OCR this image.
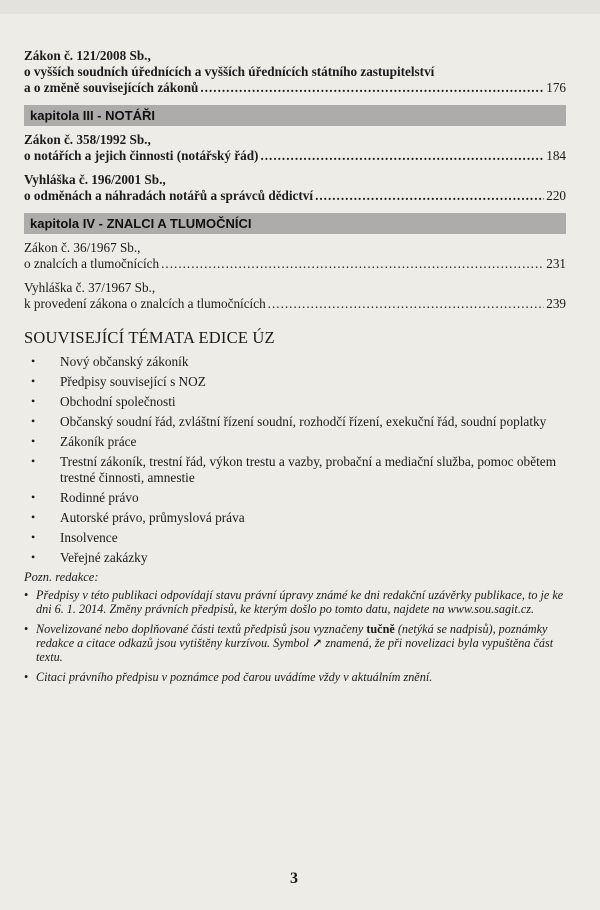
Zákon č. 121/2008 Sb.,
o vyšších soudních úřednících a vyšších úřednících státního zastupitelství
a o změně souvisejících zákonů .....	176
kapitola III - NOTÁŘI
Zákon č. 358/1992 Sb.,
o notářích a jejich činnosti (notářský řád) .....	184
Vyhláška č. 196/2001 Sb.,
o odměnách a náhradách notářů a správců dědictví .....	220
kapitola IV - ZNALCI A TLUMOČNÍCI
Zákon č. 36/1967 Sb.,
o znalcích a tlumočnících .....	231
Vyhláška č. 37/1967 Sb.,
k provedení zákona o znalcích a tlumočnících .....	239
SOUVISEJÍCÍ TÉMATA EDICE ÚZ
• Nový občanský zákoník
• Předpisy související s NOZ
• Obchodní společnosti
• Občanský soudní řád, zvláštní řízení soudní, rozhodčí řízení, exekuční řád, soudní poplatky
• Zákoník práce
• Trestní zákoník, trestní řád, výkon trestu a vazby, probační a mediační služba, pomoc obětem trestné činnosti, amnestie
• Rodinné právo
• Autorské právo, průmyslová práva
• Insolvence
• Veřejné zakázky
Pozn. redakce:
• Předpisy v této publikaci odpovídají stavu právní úpravy známé ke dni redakční uzávěrky publikace, to je ke dni 6. 1. 2014. Změny právních předpisů, ke kterým došlo po tomto datu, najdete na www.sou.sagit.cz.
• Novelizované nebo doplňované části textů předpisů jsou vyznačeny tučně (netýká se nadpisů), poznámky redakce a citace odkazů jsou vytištěny kurzívou. Symbol ↗ znamená, že při novelizaci byla vypuštěna část textu.
• Citaci právního předpisu v poznámce pod čarou uvádíme vždy v aktuálním znění.
3
